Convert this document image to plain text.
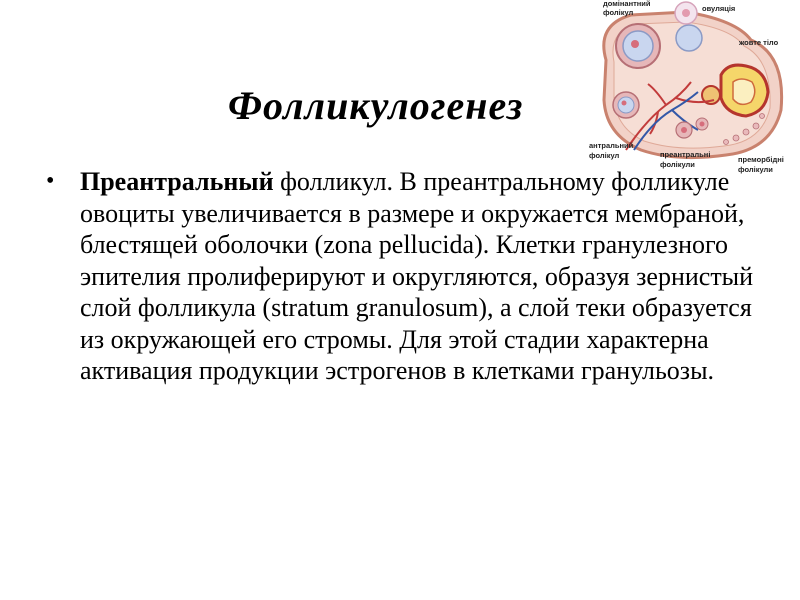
Фолликулогенез
домінантний
фолікул	овуляція
жовте тіло
антральний
фолікул	преантральні
фолікули
преморбідні
фолікули
• Преантральный фолликул. В преантральному фолликуле овоциты увеличивается в размере и окружается мембраной, блестящей оболочки (zona pellucida). Клетки гранулезного эпителия пролиферируют и округляются, образуя зернистый слой фолликула (stratum granulosum), а слой теки образуется из окружающей его стромы. Для этой стадии характерна активация продукции эстрогенов в клетками гранульозы.
